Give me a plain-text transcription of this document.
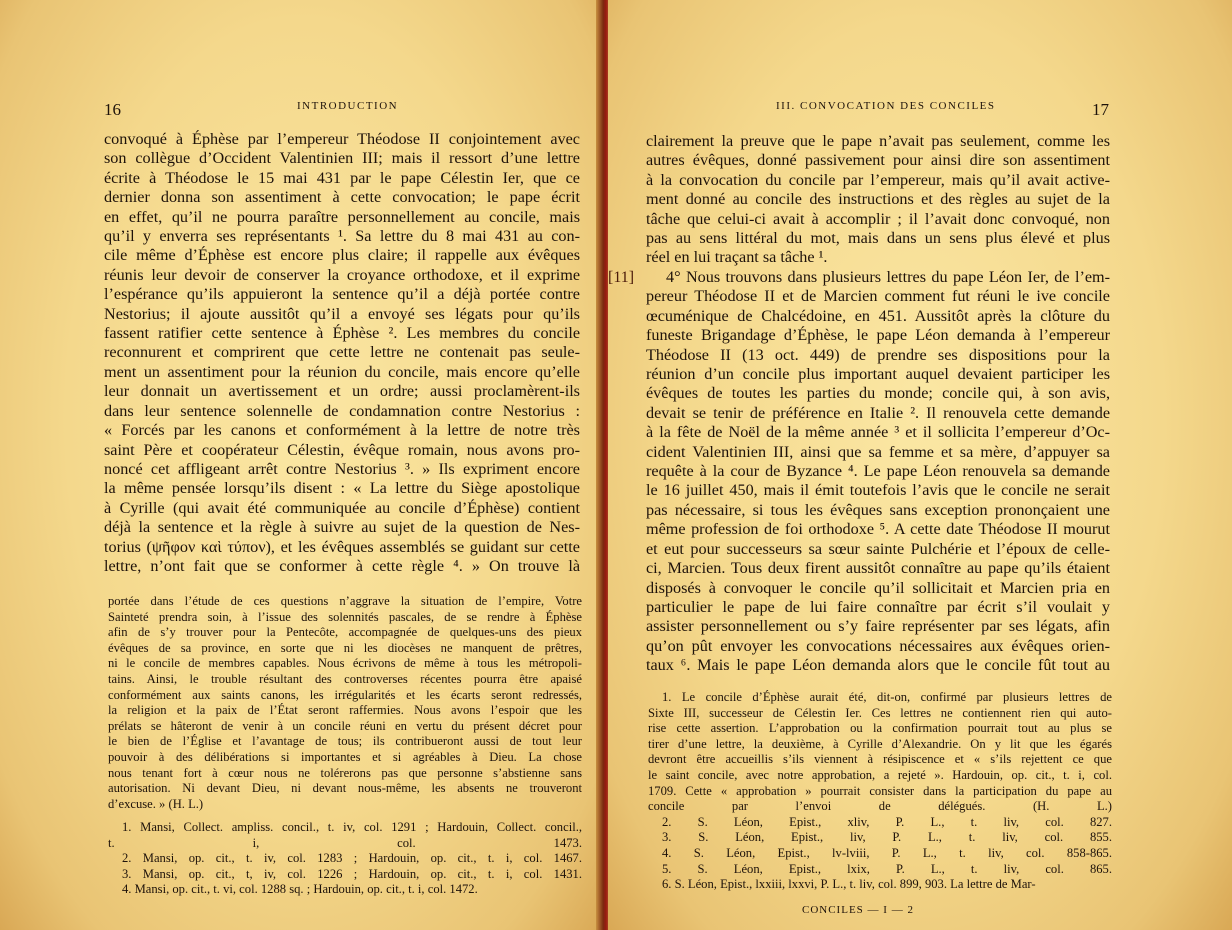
16	INTRODUCTION
convoqué à Éphèse par l’empereur Théodose II conjointement avec
son collègue d’Occident Valentinien III; mais il ressort d’une lettre
écrite à Théodose le 15 mai 431 par le pape Célestin Ier, que ce
dernier donna son assentiment à cette convocation; le pape écrit
en effet, qu’il ne pourra paraître personnellement au concile, mais
qu’il y enverra ses représentants ¹. Sa lettre du 8 mai 431 au con-
cile même d’Éphèse est encore plus claire; il rappelle aux évêques
réunis leur devoir de conserver la croyance orthodoxe, et il exprime
l’espérance qu’ils appuieront la sentence qu’il a déjà portée contre
Nestorius; il ajoute aussitôt qu’il a envoyé ses légats pour qu’ils
fassent ratifier cette sentence à Éphèse ². Les membres du concile
reconnurent et comprirent que cette lettre ne contenait pas seule-
ment un assentiment pour la réunion du concile, mais encore qu’elle
leur donnait un avertissement et un ordre; aussi proclamèrent-ils
dans leur sentence solennelle de condamnation contre Nestorius :
« Forcés par les canons et conformément à la lettre de notre très
saint Père et coopérateur Célestin, évêque romain, nous avons pro-
noncé cet affligeant arrêt contre Nestorius ³. » Ils expriment encore
la même pensée lorsqu’ils disent : « La lettre du Siège apostolique
à Cyrille (qui avait été communiquée au concile d’Éphèse) contient
déjà la sentence et la règle à suivre au sujet de la question de Nes-
torius (ψῆφον καὶ τύπον), et les évêques assemblés se guidant sur cette
lettre, n’ont fait que se conformer à cette règle ⁴. » On trouve là
portée dans l’étude de ces questions n’aggrave la situation de l’empire, Votre
Sainteté prendra soin, à l’issue des solennités pascales, de se rendre à Éphèse
afin de s’y trouver pour la Pentecôte, accompagnée de quelques-uns des pieux
évêques de sa province, en sorte que ni les diocèses ne manquent de prêtres,
ni le concile de membres capables. Nous écrivons de même à tous les métropoli-
tains. Ainsi, le trouble résultant des controverses récentes pourra être apaisé
conformément aux saints canons, les irrégularités et les écarts seront redressés,
la religion et la paix de l’État seront raffermies. Nous avons l’espoir que les
prélats se hâteront de venir à un concile réuni en vertu du présent décret pour
le bien de l’Église et l’avantage de tous; ils contribueront aussi de tout leur
pouvoir à des délibérations si importantes et si agréables à Dieu. La chose
nous tenant fort à cœur nous ne tolérerons pas que personne s’abstienne sans
autorisation. Ni devant Dieu, ni devant nous-même, les absents ne trouveront
d’excuse. » (H. L.)
1. Mansi, Collect. ampliss. concil., t. iv, col. 1291 ; Hardouin, Collect. concil.,
t. i, col. 1473.
2. Mansi, op. cit., t. iv, col. 1283 ; Hardouin, op. cit., t. i, col. 1467.
3. Mansi, op. cit., t, iv, col. 1226 ; Hardouin, op. cit., t. i, col. 1431.
4. Mansi, op. cit., t. vi, col. 1288 sq. ; Hardouin, op. cit., t. i, col. 1472.
III. CONVOCATION DES CONCILES	17
clairement la preuve que le pape n’avait pas seulement, comme les
autres évêques, donné passivement pour ainsi dire son assentiment
à la convocation du concile par l’empereur, mais qu’il avait active-
ment donné au concile des instructions et des règles au sujet de la
tâche que celui-ci avait à accomplir ; il l’avait donc convoqué, non
pas au sens littéral du mot, mais dans un sens plus élevé et plus
réel en lui traçant sa tâche ¹.
4° Nous trouvons dans plusieurs lettres du pape Léon Ier, de l’em-
pereur Théodose II et de Marcien comment fut réuni le ive concile
œcuménique de Chalcédoine, en 451. Aussitôt après la clôture du
funeste Brigandage d’Éphèse, le pape Léon demanda à l’empereur
Théodose II (13 oct. 449) de prendre ses dispositions pour la
réunion d’un concile plus important auquel devaient participer les
évêques de toutes les parties du monde; concile qui, à son avis,
devait se tenir de préférence en Italie ². Il renouvela cette demande
à la fête de Noël de la même année ³ et il sollicita l’empereur d’Oc-
cident Valentinien III, ainsi que sa femme et sa mère, d’appuyer sa
requête à la cour de Byzance ⁴. Le pape Léon renouvela sa demande
le 16 juillet 450, mais il émit toutefois l’avis que le concile ne serait
pas nécessaire, si tous les évêques sans exception prononçaient une
même profession de foi orthodoxe ⁵. A cette date Théodose II mourut
et eut pour successeurs sa sœur sainte Pulchérie et l’époux de celle-
ci, Marcien. Tous deux firent aussitôt connaître au pape qu’ils étaient
disposés à convoquer le concile qu’il sollicitait et Marcien pria en
particulier le pape de lui faire connaître par écrit s’il voulait y
assister personnellement ou s’y faire représenter par ses légats, afin
qu’on pût envoyer les convocations nécessaires aux évêques orien-
taux ⁶. Mais le pape Léon demanda alors que le concile fût tout au
1. Le concile d’Éphèse aurait été, dit-on, confirmé par plusieurs lettres de
Sixte III, successeur de Célestin Ier. Ces lettres ne contiennent rien qui auto-
rise cette assertion. L’approbation ou la confirmation pourrait tout au plus se
tirer d’une lettre, la deuxième, à Cyrille d’Alexandrie. On y lit que les égarés
devront être accueillis s’ils viennent à résipiscence et « s’ils rejettent ce que
le saint concile, avec notre approbation, a rejeté ». Hardouin, op. cit., t. i, col.
1709. Cette « approbation » pourrait consister dans la participation du pape au
concile par l’envoi de délégués. (H. L.)
2. S. Léon, Epist., xliv, P. L., t. liv, col. 827.
3. S. Léon, Epist., liv, P. L., t. liv, col. 855.
4. S. Léon, Epist., lv-lviii, P. L., t. liv, col. 858-865.
5. S. Léon, Epist., lxix, P. L., t. liv, col. 865.
6. S. Léon, Epist., lxxiii, lxxvi, P. L., t. liv, col. 899, 903. La lettre de Mar-
CONCILES — I — 2
[11]
